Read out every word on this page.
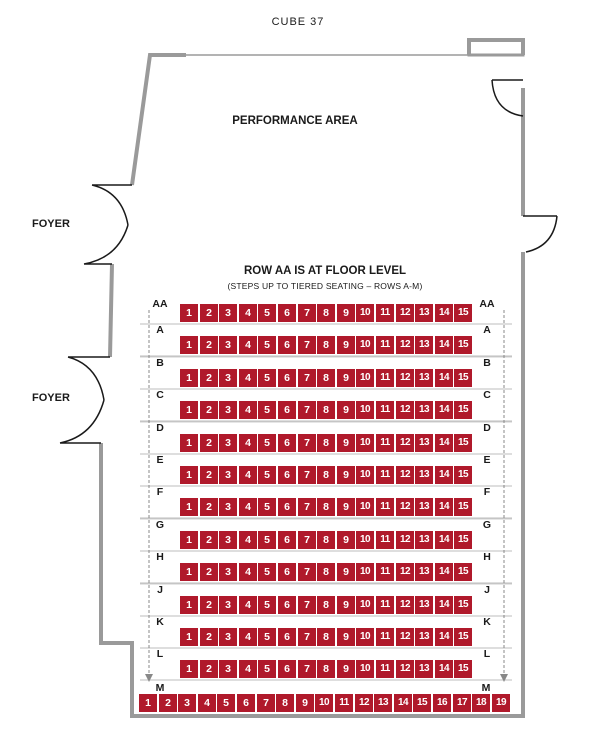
CUBE 37
PERFORMANCE AREA
FOYER
FOYER
ROW AA IS AT FLOOR LEVEL
(STEPS UP TO TIERED SEATING – ROWS A-M)
AA	AA
1	2	3	4	5	6	7	8	9	10	11	12 13 14 15
A	A
1	2	3	4	5	6	7	8	9	10	11	12 13 14 15
B	B
1	2	3	4	5	6	7	8	9	10	11	12 13 14 15
C	C
1	2	3	4	5	6	7	8	9	10	11	12 13 14 15
D	D
1	2	3	4	5	6	7	8	9	10	11	12 13 14 15
E	E
1	2	3	4	5	6	7	8	9	10	11	12 13 14 15
F	F
1	2	3	4	5	6	7	8	9	10	11	12 13 14 15
G	G
1	2	3	4	5	6	7	8	9	10	11	12 13 14 15
H	H
1	2	3	4	5	6	7	8	9	10	11	12 13 14 15
J	J
1	2	3	4	5	6	7	8	9	10	11	12 13 14 15
K	K
1	2	3	4	5	6	7	8	9	10	11	12 13 14 15
L	L
1	2	3	4	5	6	7	8	9	10	11	12 13 14 15
M	M
1	2	3	4	5	6	7	8	9	10	11	12 13 14 15 16 17 18 19
